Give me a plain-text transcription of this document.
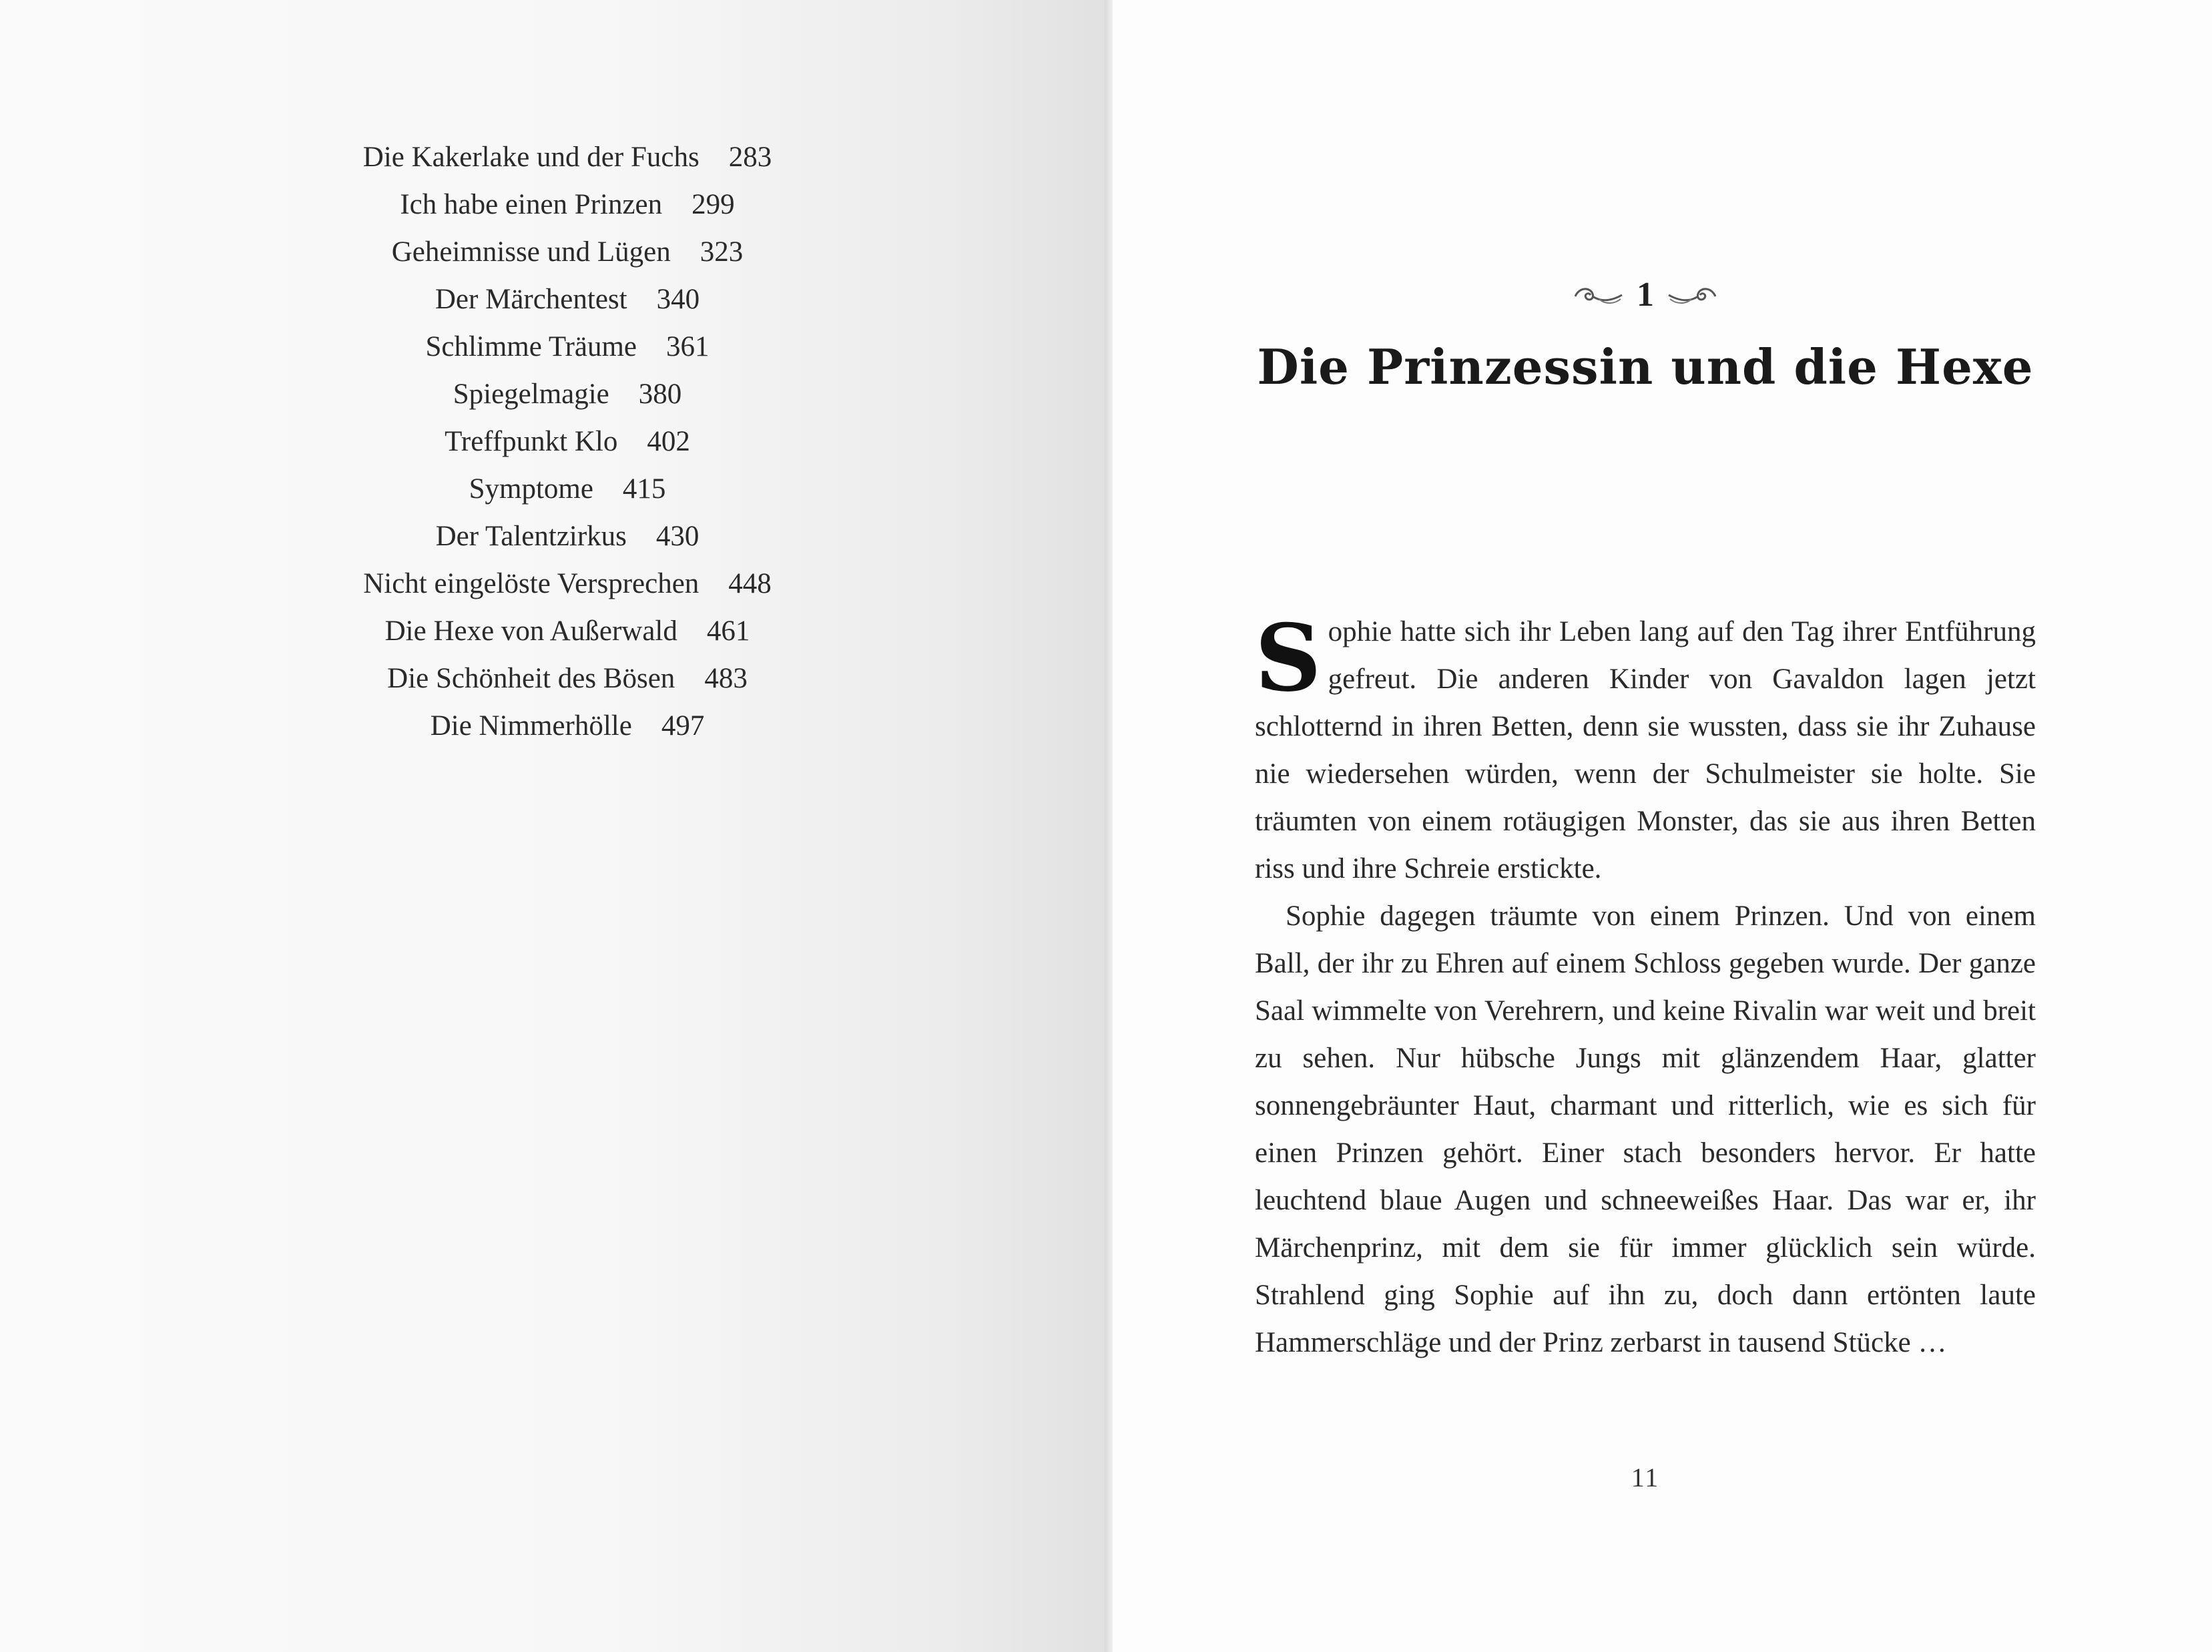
Die Kakerlake und der Fuchs 283
Ich habe einen Prinzen 299
Geheimnisse und Lügen 323
Der Märchentest 340
Schlimme Träume 361
Spiegelmagie 380
Treffpunkt Klo 402
Symptome 415
Der Talentzirkus 430
Nicht eingelöste Versprechen 448
Die Hexe von Außerwald 461
Die Schönheit des Bösen 483
Die Nimmerhölle 497
1
Die Prinzessin und die Hexe

Sophie hatte sich ihr Leben lang auf den Tag ihrer Entführung gefreut. Die anderen Kinder von Gavaldon lagen jetzt schlotternd in ihren Betten, denn sie wussten, dass sie ihr Zuhause nie wiedersehen würden, wenn der Schulmeister sie holte. Sie träumten von einem rotäugigen Monster, das sie aus ihren Betten riss und ihre Schreie erstickte.

Sophie dagegen träumte von einem Prinzen. Und von einem Ball, der ihr zu Ehren auf einem Schloss gegeben wurde. Der ganze Saal wimmelte von Verehrern, und keine Rivalin war weit und breit zu sehen. Nur hübsche Jungs mit glänzendem Haar, glatter sonnengebräunter Haut, charmant und ritterlich, wie es sich für einen Prinzen gehört. Einer stach besonders hervor. Er hatte leuchtend blaue Augen und schneeweißes Haar. Das war er, ihr Märchenprinz, mit dem sie für immer glücklich sein würde. Strahlend ging Sophie auf ihn zu, doch dann ertönten laute Hammerschläge und der Prinz zerbarst in tausend Stücke …

11
